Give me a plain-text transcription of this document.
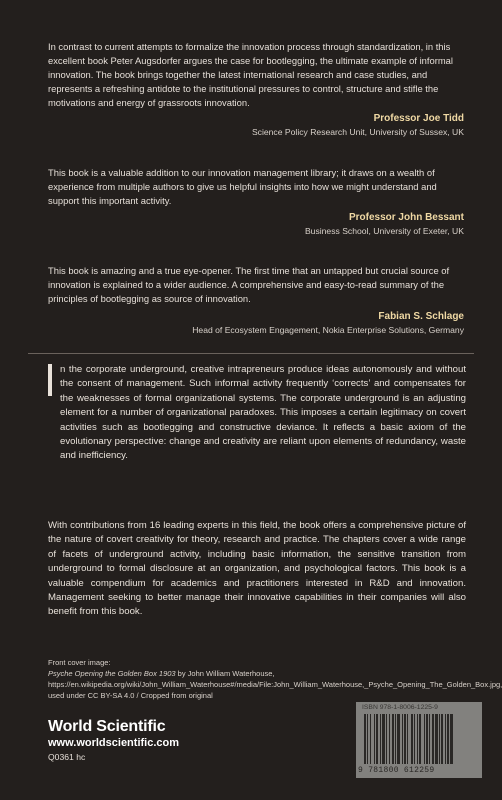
In contrast to current attempts to formalize the innovation process through standardization, in this excellent book Peter Augsdorfer argues the case for bootlegging, the ultimate example of informal innovation. The book brings together the latest international research and case studies, and represents a refreshing antidote to the institutional pressures to control, structure and stifle the motivations and energy of grassroots innovation.

Professor Joe Tidd
Science Policy Research Unit, University of Sussex, UK

This book is a valuable addition to our innovation management library; it draws on a wealth of experience from multiple authors to give us helpful insights into how we might understand and support this important activity.

Professor John Bessant
Business School, University of Exeter, UK

This book is amazing and a true eye-opener. The first time that an untapped but crucial source of innovation is explained to a wider audience. A comprehensive and easy-to-read summary of the principles of bootlegging as source of innovation.

Fabian S. Schlage
Head of Ecosystem Engagement, Nokia Enterprise Solutions, Germany

n the corporate underground, creative intrapreneurs produce ideas autonomously and without the consent of management. Such informal activity frequently ‘corrects’ and compensates for the weaknesses of formal organizational systems. The corporate underground is an adjusting element for a number of organizational paradoxes. This imposes a certain legitimacy on covert activities such as bootlegging and constructive deviance. It reflects a basic axiom of the evolutionary perspective: change and creativity are reliant upon elements of redundancy, waste and inefficiency.

With contributions from 16 leading experts in this field, the book offers a comprehensive picture of the nature of covert creativity for theory, research and practice. The chapters cover a wide range of facets of underground activity, including basic information, the sensitive transition from underground to formal disclosure at an organization, and psychological factors. This book is a valuable compendium for academics and practitioners interested in R&D and innovation. Management seeking to better manage their innovative capabilities in their companies will also benefit from this book.

Front cover image:

Psyche Opening the Golden Box 1903 by John William Waterhouse,

https://en.wikipedia.org/wiki/John_William_Waterhouse#/media/File:John_William_Waterhouse,_Psyche_Opening_The_Golden_Box.jpg, used under CC BY-SA 4.0 / Cropped from original

World Scientific
www.worldscientific.com
Q0361 hc
ISBN 978-1-8006-1225-9
9 781800 612259
